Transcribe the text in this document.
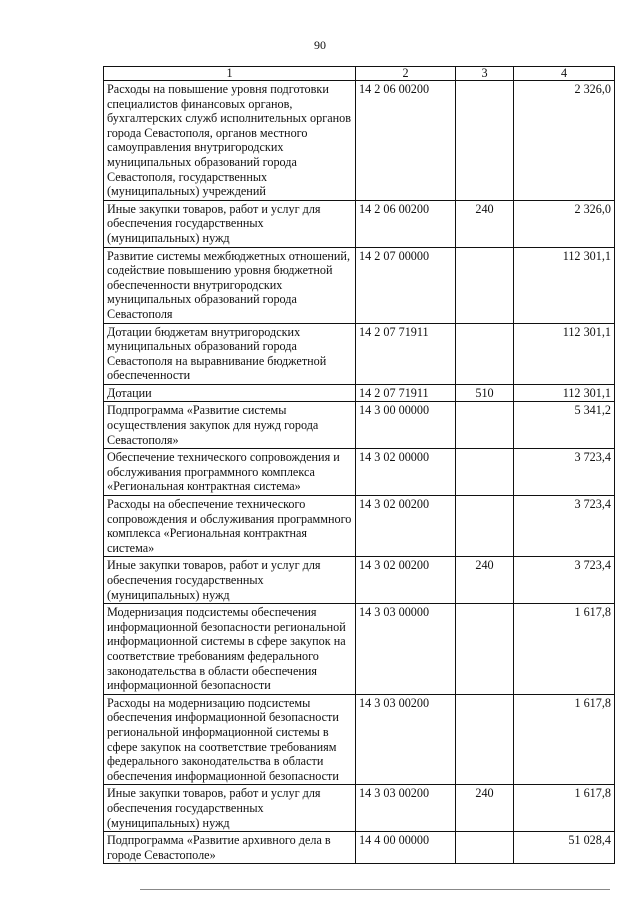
90
1	2	3	4
Расходы на повышение уровня подготовки специалистов финансовых органов, бухгалтерских служб исполнительных органов города Севастополя, органов местного самоуправления внутригородских муниципальных образований города Севастополя, государственных (муниципальных) учреждений	14 2 06 00200		2 326,0
Иные закупки товаров, работ и услуг для обеспечения государственных (муниципальных) нужд	14 2 06 00200	240	2 326,0
Развитие системы межбюджетных отношений, содействие повышению уровня бюджетной обеспеченности внутригородских муниципальных образований города Севастополя	14 2 07 00000		112 301,1
Дотации бюджетам внутригородских муниципальных образований города Севастополя на выравнивание бюджетной обеспеченности	14 2 07 71911		112 301,1
Дотации	14 2 07 71911	510	112 301,1
Подпрограмма «Развитие системы осуществления закупок для нужд города Севастополя»	14 3 00 00000		5 341,2
Обеспечение технического сопровождения и обслуживания программного комплекса «Региональная контрактная система»	14 3 02 00000		3 723,4
Расходы на обеспечение технического сопровождения и обслуживания программного комплекса «Региональная контрактная система»	14 3 02 00200		3 723,4
Иные закупки товаров, работ и услуг для обеспечения государственных (муниципальных) нужд	14 3 02 00200	240	3 723,4
Модернизация подсистемы обеспечения информационной безопасности региональной информационной системы в сфере закупок на соответствие требованиям федерального законодательства в области обеспечения информационной безопасности	14 3 03 00000		1 617,8
Расходы на модернизацию подсистемы обеспечения информационной безопасности региональной информационной системы в сфере закупок на соответствие требованиям федерального законодательства в области обеспечения информационной безопасности	14 3 03 00200		1 617,8
Иные закупки товаров, работ и услуг для обеспечения государственных (муниципальных) нужд	14 3 03 00200	240	1 617,8
Подпрограмма «Развитие архивного дела в городе Севастополе»	14 4 00 00000		51 028,4
